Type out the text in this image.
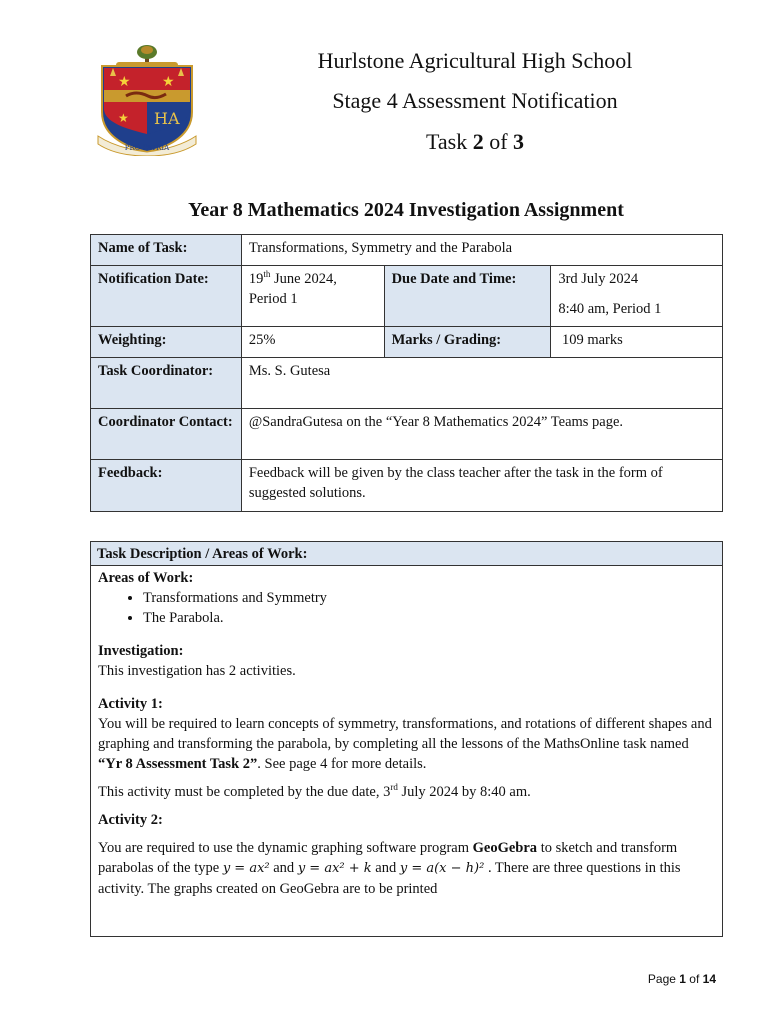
★ ★
★ HA
PRO PATRIA
Hurlstone Agricultural High School
Stage 4 Assessment Notification
Task 2 of 3
Year 8 Mathematics 2024 Investigation Assignment
Name of Task:	Transformations, Symmetry and the Parabola		
Notification Date:	19th June 2024, Period 1	Due Date and Time:	3rd July 2024
8:40 am, Period 1

Weighting:	25%	Marks / Grading:	109 marks
Task Coordinator:	Ms. S. Gutesa		
Coordinator Contact:	@SandraGutesa on the “Year 8 Mathematics 2024” Teams page.		
Feedback:	Feedback will be given by the class teacher after the task in the form of suggested solutions.		
Task Description / Areas of Work:
Areas of Work:
• Transformations and Symmetry
• The Parabola.
Investigation:
This investigation has 2 activities.
Activity 1:
You will be required to learn concepts of symmetry, transformations, and rotations of different shapes and graphing and transforming the parabola, by completing all the lessons of the MathsOnline task named “Yr 8 Assessment Task 2”. See page 4 for more details.
This activity must be completed by the due date, 3rd July 2024 by 8:40 am.
Activity 2:
You are required to use the dynamic graphing software program GeoGebra to sketch and transform parabolas of the type y = ax² and y = ax² + k and y = a(x − h)² . There are three questions in this activity. The graphs created on GeoGebra are to be printed
Page 1 of 14
